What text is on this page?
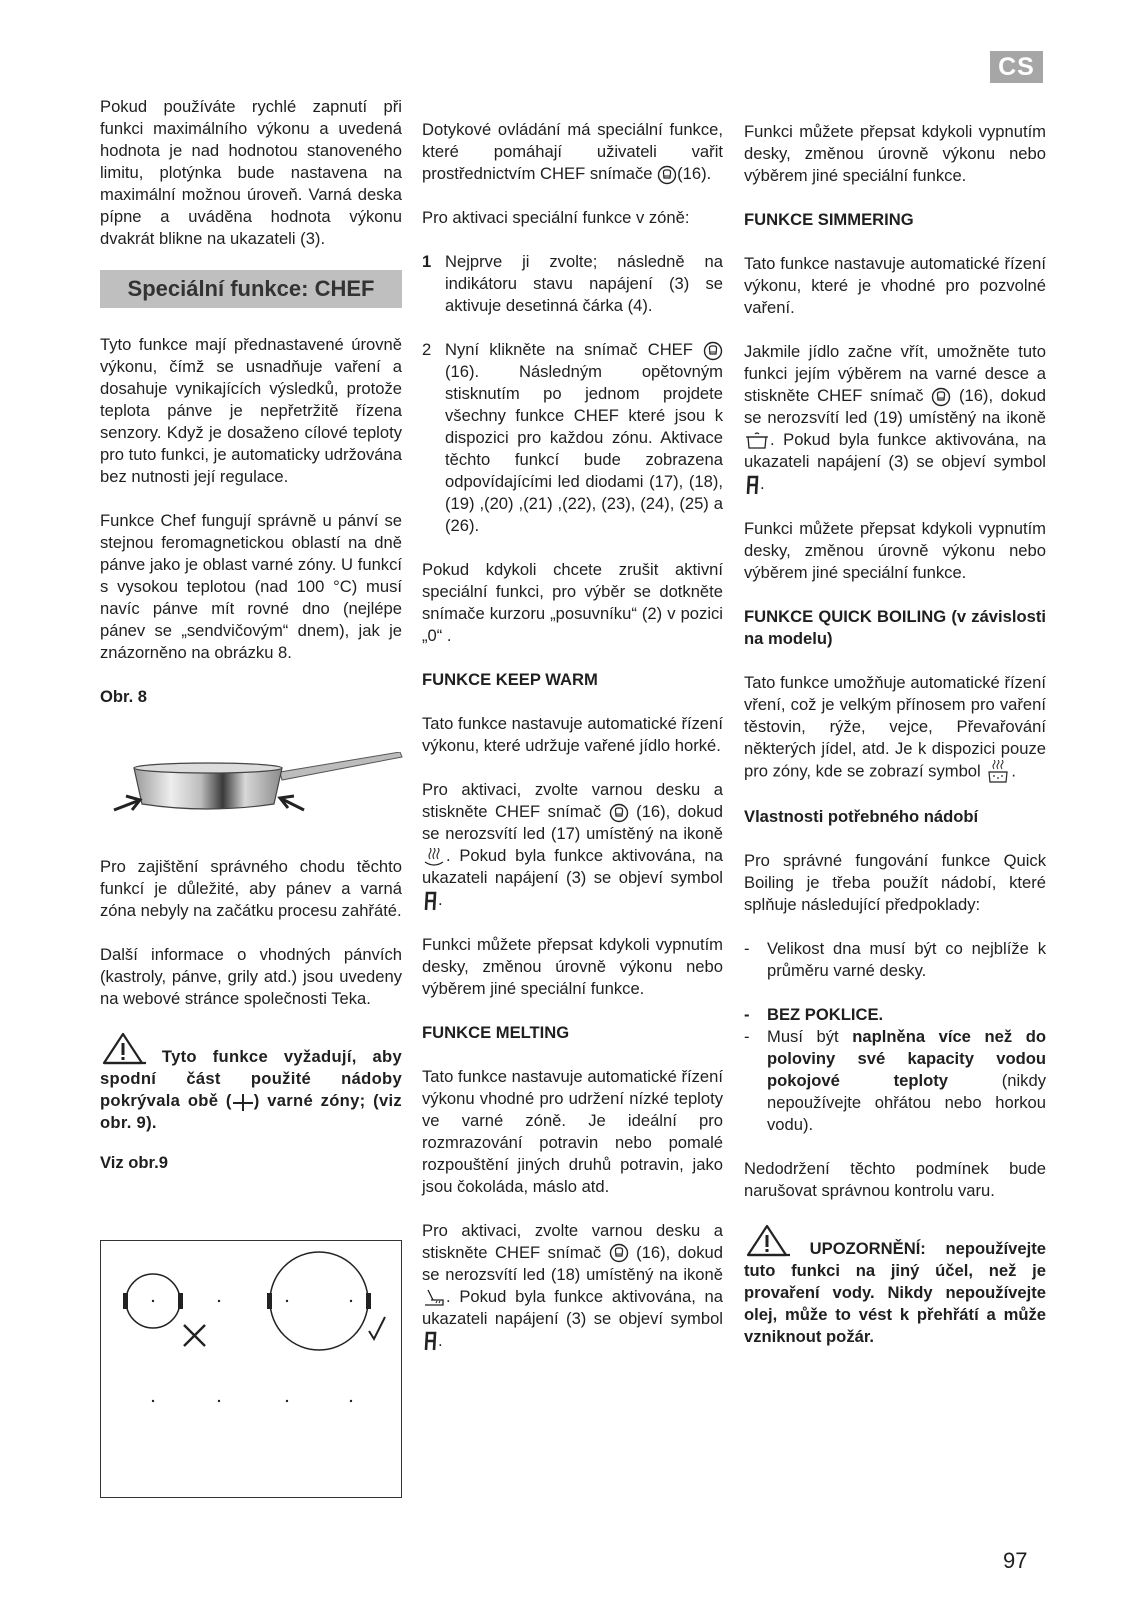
CS

Pokud používáte rychlé zapnutí při funkci maximálního výkonu a uvedená hodnota je nad hodnotou stanoveného limitu, plotýnka bude nastavena na maximální možnou úroveň. Varná deska pípne a uváděna hodnota výkonu dvakrát blikne na ukazateli (3).

Speciální funkce: CHEF

Tyto funkce mají přednastavené úrovně výkonu, čímž se usnadňuje vaření a dosahuje vynikajících výsledků, protože teplota pánve je nepřetržitě řízena senzory. Když je dosaženo cílové teploty pro tuto funkci, je automaticky udržována bez nutnosti její regulace.

Funkce Chef fungují správně u pánví se stejnou feromagnetickou oblastí na dně pánve jako je oblast varné zóny. U funkcí s vysokou teplotou (nad 100 °C) musí navíc pánve mít rovné dno (nejlépe pánev se „sendvičovým“ dnem), jak je znázorněno na obrázku 8.

Obr. 8

Pro zajištění správného chodu těchto funkcí je důležité, aby pánev a varná zóna nebyly na začátku procesu zahřáté.

Další informace o vhodných pánvích (kastroly, pánve, grily atd.) jsou uvedeny na webové stránce společnosti Teka.

Tyto funkce vyžadují, aby spodní část použité nádoby pokrývala obě ( ) varné zóny; (viz obr. 9).

Viz obr.9

Dotykové ovládání má speciální funkce, které pomáhají uživateli vařit prostřednictvím CHEF snímače (16).

Pro aktivaci speciální funkce v zóně:

1 Nejprve ji zvolte; následně na indikátoru stavu napájení (3) se aktivuje desetinná čárka (4).
2 Nyní klikněte na snímač CHEF  (16). Následným opětovným stisknutím po jednom projdete všechny funkce CHEF které jsou k dispozici pro každou zónu. Aktivace těchto funkcí bude zobrazena odpovídajícími led diodami (17), (18), (19) ,(20) ,(21) ,(22), (23), (24), (25) a (26).

Pokud kdykoli chcete zrušit aktivní speciální funkci, pro výběr se dotkněte snímače kurzoru „posuvníku“ (2) v pozici „0“ .

FUNKCE KEEP WARM

Tato funkce nastavuje automatické řízení výkonu, které udržuje vařené jídlo horké.

Pro aktivaci, zvolte varnou desku a stiskněte CHEF snímač (16), dokud se nerozsvítí led (17) umístěný na ikoně . Pokud byla funkce aktivována, na ukazateli napájení (3) se objeví symbol .

Funkci můžete přepsat kdykoli vypnutím desky, změnou úrovně výkonu nebo výběrem jiné speciální funkce.

FUNKCE MELTING

Tato funkce nastavuje automatické řízení výkonu vhodné pro udržení nízké teploty ve varné zóně. Je ideální pro rozmrazování potravin nebo pomalé rozpouštění jiných druhů potravin, jako jsou čokoláda, máslo atd.

Pro aktivaci, zvolte varnou desku a stiskněte CHEF snímač (16), dokud se nerozsvítí led (18) umístěný na ikoně . Pokud byla funkce aktivována, na ukazateli napájení (3) se objeví symbol .

Funkci můžete přepsat kdykoli vypnutím desky, změnou úrovně výkonu nebo výběrem jiné speciální funkce.

FUNKCE SIMMERING

Tato funkce nastavuje automatické řízení výkonu, které je vhodné pro pozvolné vaření.

Jakmile jídlo začne vřít, umožněte tuto funkci jejím výběrem na varné desce a stiskněte CHEF snímač (16), dokud se nerozsvítí led (19) umístěný na ikoně . Pokud byla funkce aktivována, na ukazateli napájení (3) se objeví symbol .

Funkci můžete přepsat kdykoli vypnutím desky, změnou úrovně výkonu nebo výběrem jiné speciální funkce.

FUNKCE QUICK BOILING (v závislosti na modelu)

Tato funkce umožňuje automatické řízení vření, což je velkým přínosem pro vaření těstovin, rýže, vejce, Převařování některých jídel, atd. Je k dispozici pouze pro zóny, kde se zobrazí symbol .

Vlastnosti potřebného nádobí

Pro správné fungování funkce Quick Boiling je třeba použít nádobí, které splňuje následující předpoklady:

- Velikost dna musí být co nejblíže k průměru varné desky.
- BEZ POKLICE.
- Musí být naplněna více než do poloviny své kapacity vodou pokojové teploty	(nikdy nepoužívejte ohřátou nebo horkou vodu).

Nedodržení těchto podmínek bude narušovat správnou kontrolu varu.

UPOZORNĚNÍ: nepoužívejte tuto funkci na jiný účel, než je provaření vody. Nikdy nepoužívejte olej, může to vést k přehřátí a může vzniknout požár.

97
